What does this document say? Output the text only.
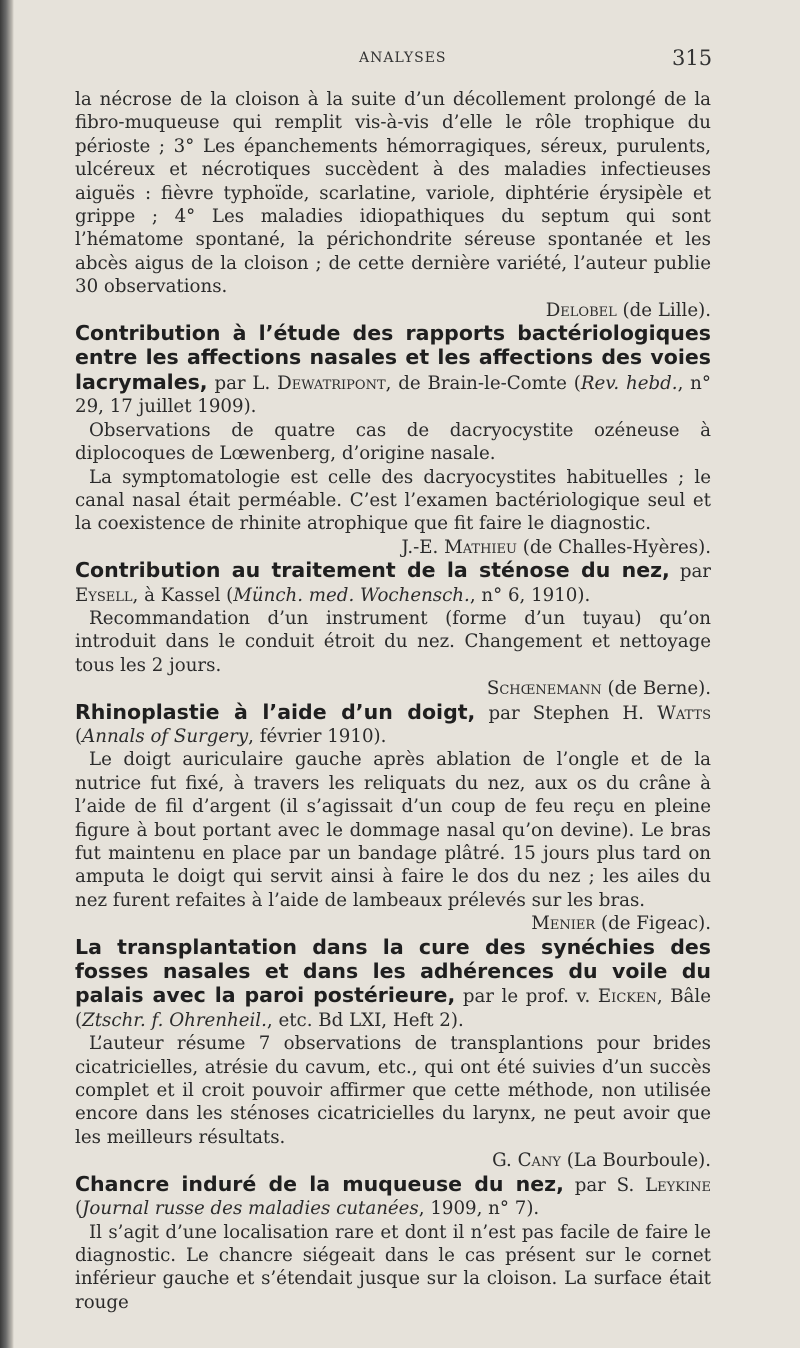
ANALYSES	315

la nécrose de la cloison à la suite d’un décollement prolongé de la fibro-muqueuse qui remplit vis-à-vis d’elle le rôle trophique du périoste ; 3° Les épanchements hémorragiques, séreux, purulents, ulcéreux et nécrotiques succèdent à des maladies infectieuses aiguës : fièvre typhoïde, scarlatine, variole, diphtérie érysipèle et grippe ; 4° Les maladies idiopathiques du septum qui sont l’hématome spontané, la périchondrite séreuse spontanée et les abcès aigus de la cloison ; de cette dernière variété, l’auteur publie 30 observations.

Delobel (de Lille).

Contribution à l’étude des rapports bactériologiques entre les affections nasales et les affections des voies lacrymales, par L. Dewatripont, de Brain-le-Comte (Rev. hebd., n° 29, 17 juillet 1909).

Observations de quatre cas de dacryocystite ozéneuse à diplocoques de Lœwenberg, d’origine nasale.

La symptomatologie est celle des dacryocystites habituelles ; le canal nasal était perméable. C’est l’examen bactériologique seul et la coexistence de rhinite atrophique que fit faire le diagnostic.

J.-E. Mathieu (de Challes-Hyères).

Contribution au traitement de la sténose du nez, par Eysell, à Kassel (Münch. med. Wochensch., n° 6, 1910).

Recommandation d’un instrument (forme d’un tuyau) qu’on introduit dans le conduit étroit du nez. Changement et nettoyage tous les 2 jours.

Schœnemann (de Berne).

Rhinoplastie à l’aide d’un doigt, par Stephen H. Watts (Annals of Surgery, février 1910).

Le doigt auriculaire gauche après ablation de l’ongle et de la nutrice fut fixé, à travers les reliquats du nez, aux os du crâne à l’aide de fil d’argent (il s’agissait d’un coup de feu reçu en pleine figure à bout portant avec le dommage nasal qu’on devine). Le bras fut maintenu en place par un bandage plâtré. 15 jours plus tard on amputa le doigt qui servit ainsi à faire le dos du nez ; les ailes du nez furent refaites à l’aide de lambeaux prélevés sur les bras.

Menier (de Figeac).

La transplantation dans la cure des synéchies des fosses nasales et dans les adhérences du voile du palais avec la paroi postérieure, par le prof. v. Eicken, Bâle (Ztschr. f. Ohrenheil., etc. Bd LXI, Heft 2).

L’auteur résume 7 observations de transplantions pour brides cicatricielles, atrésie du cavum, etc., qui ont été suivies d’un succès complet et il croit pouvoir affirmer que cette méthode, non utilisée encore dans les sténoses cicatricielles du larynx, ne peut avoir que les meilleurs résultats.

G. Cany (La Bourboule).

Chancre induré de la muqueuse du nez, par S. Leykine (Journal russe des maladies cutanées, 1909, n° 7).

Il s’agit d’une localisation rare et dont il n’est pas facile de faire le diagnostic. Le chancre siégeait dans le cas présent sur le cornet inférieur gauche et s’étendait jusque sur la cloison. La surface était rouge
